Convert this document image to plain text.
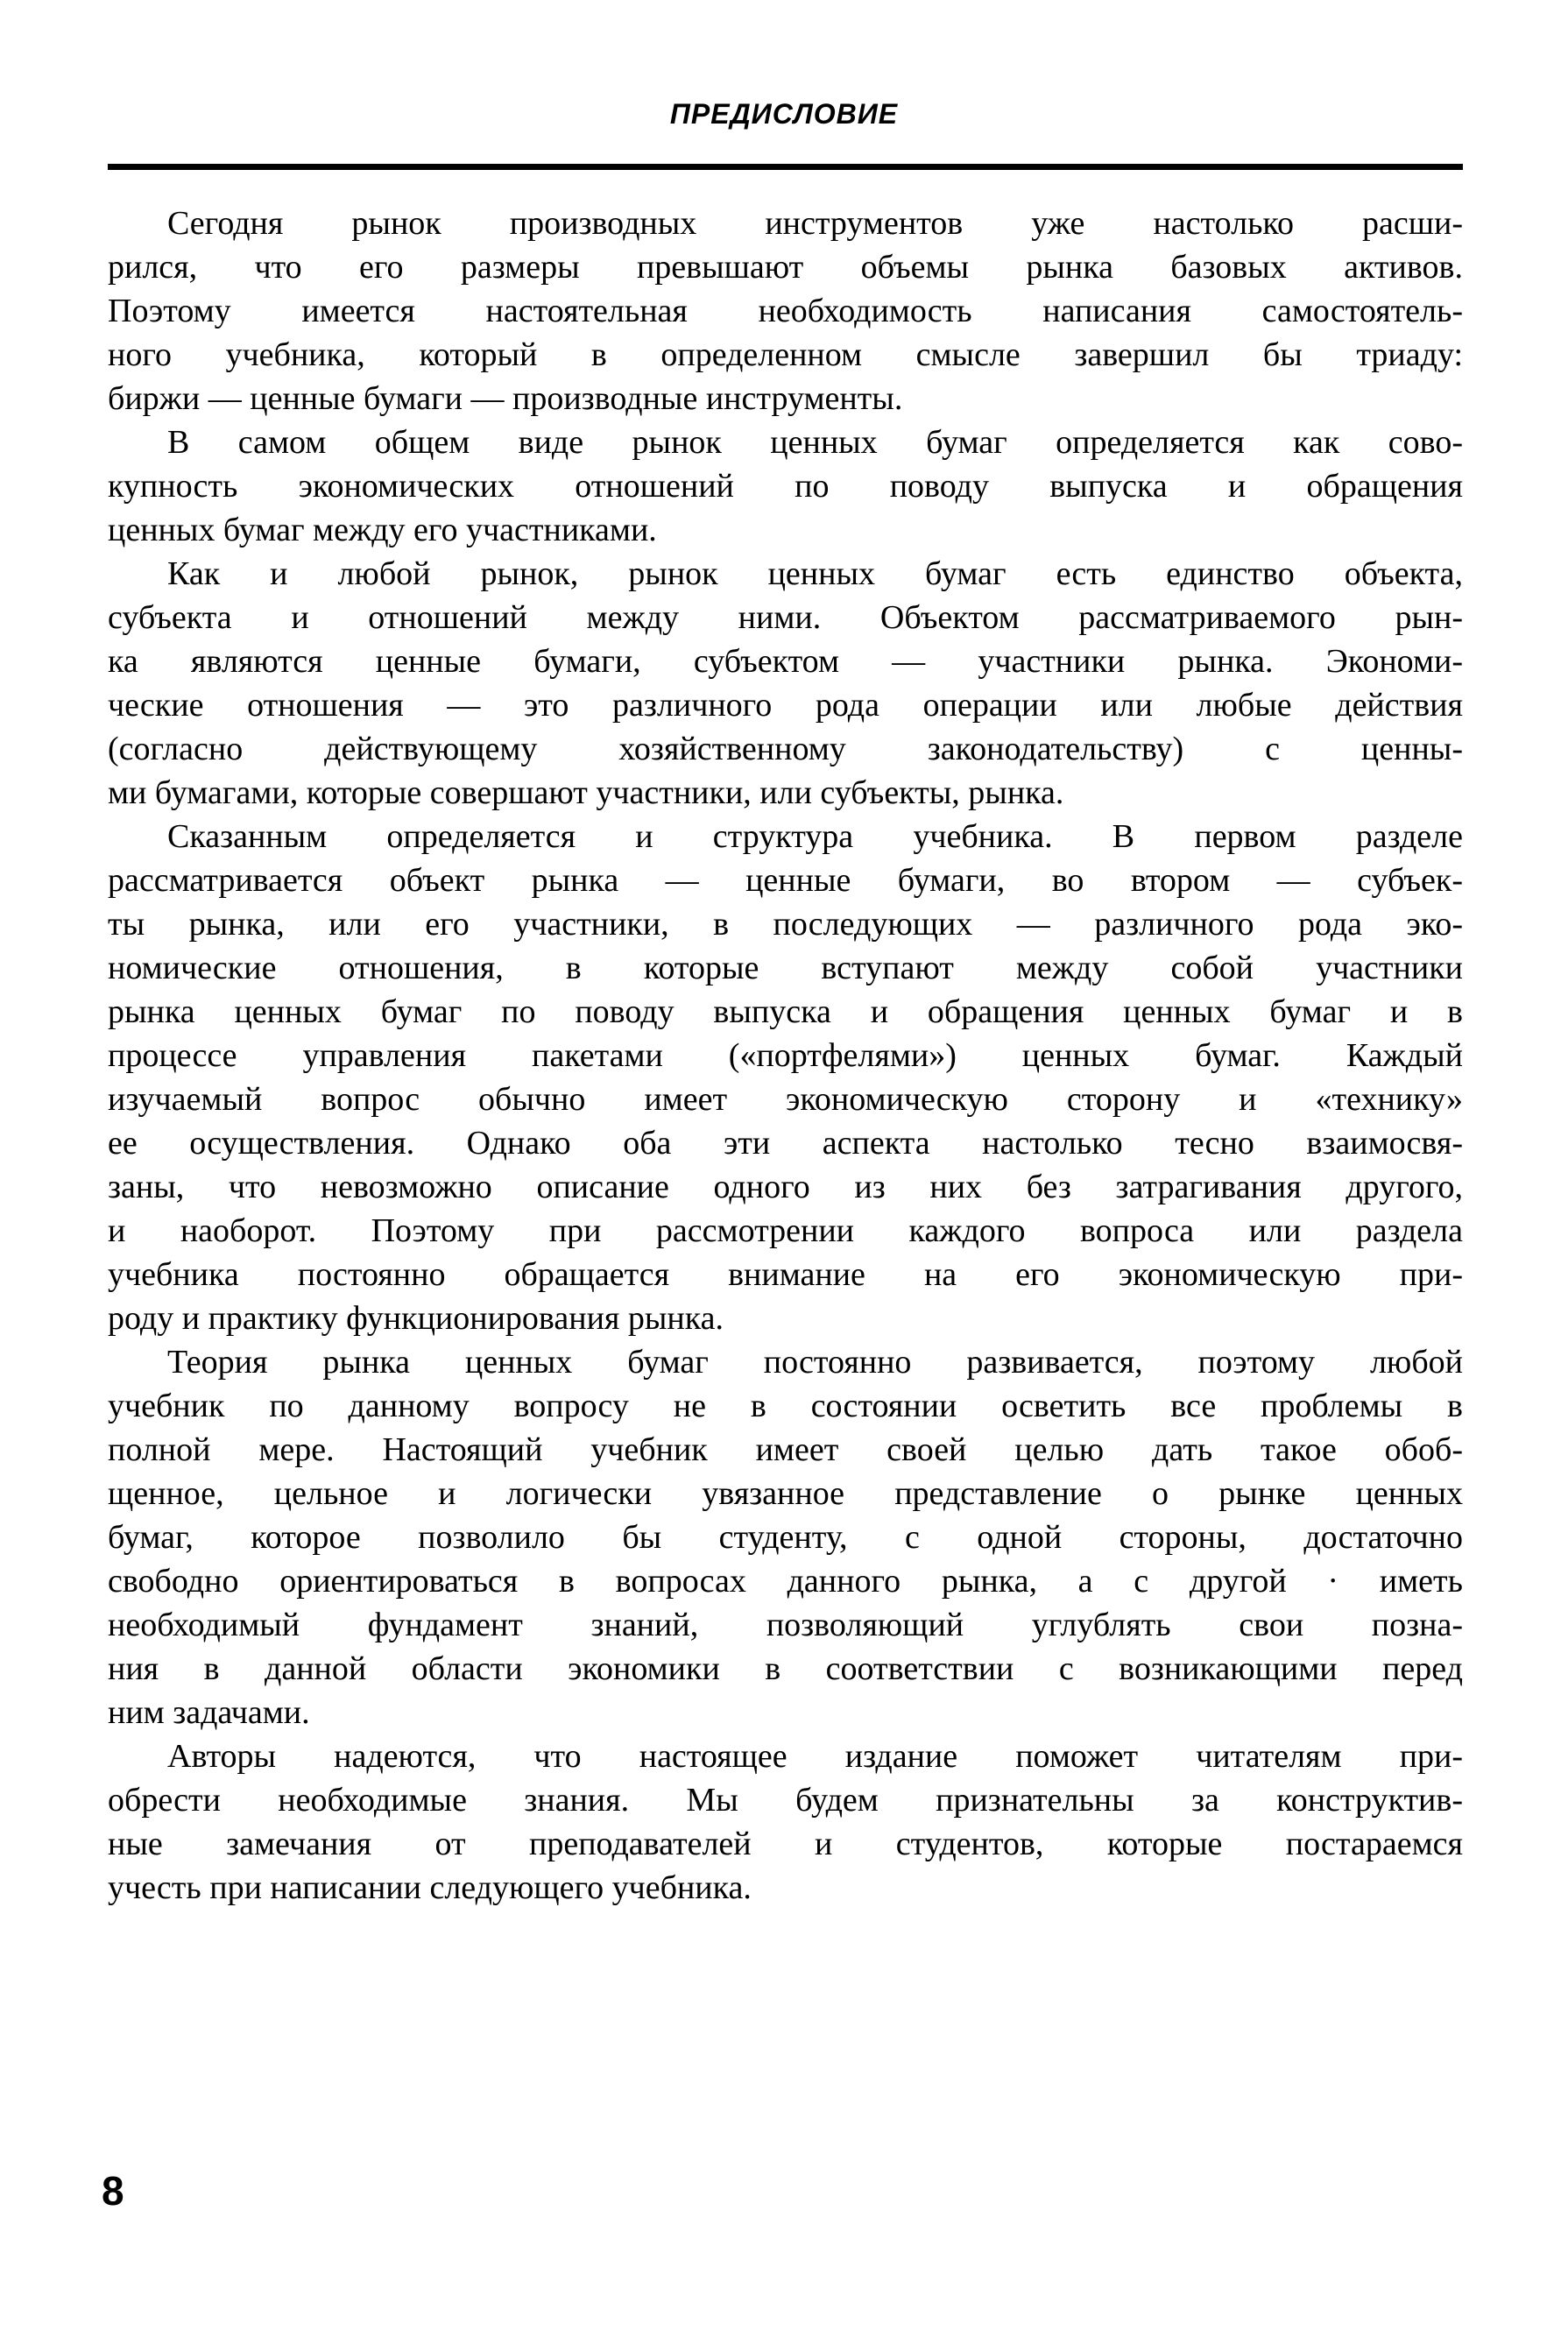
ПРЕДИСЛОВИЕ
Сегодня рынок производных инструментов уже настолько расши-
рился, что его размеры превышают объемы рынка базовых активов.
Поэтому имеется настоятельная необходимость написания самостоятель-
ного учебника, который в определенном смысле завершил бы триаду:
биржи — ценные бумаги — производные инструменты.
В самом общем виде рынок ценных бумаг определяется как сово-
купность экономических отношений по поводу выпуска и обращения
ценных бумаг между его участниками.
Как и любой рынок, рынок ценных бумаг есть единство объекта,
субъекта и отношений между ними. Объектом рассматриваемого рын-
ка являются ценные бумаги, субъектом — участники рынка. Экономи-
ческие отношения — это различного рода операции или любые действия
(согласно действующему хозяйственному законодательству) с ценны-
ми бумагами, которые совершают участники, или субъекты, рынка.
Сказанным определяется и структура учебника. В первом разделе
рассматривается объект рынка — ценные бумаги, во втором — субъек-
ты рынка, или его участники, в последующих — различного рода эко-
номические отношения, в которые вступают между собой участники
рынка ценных бумаг по поводу выпуска и обращения ценных бумаг и в
процессе управления пакетами («портфелями») ценных бумаг. Каждый
изучаемый вопрос обычно имеет экономическую сторону и «технику»
ее осуществления. Однако оба эти аспекта настолько тесно взаимосвя-
заны, что невозможно описание одного из них без затрагивания другого,
и наоборот. Поэтому при рассмотрении каждого вопроса или раздела
учебника постоянно обращается внимание на его экономическую при-
роду и практику функционирования рынка.
Теория рынка ценных бумаг постоянно развивается, поэтому любой
учебник по данному вопросу не в состоянии осветить все проблемы в
полной мере. Настоящий учебник имеет своей целью дать такое обоб-
щенное, цельное и логически увязанное представление о рынке ценных
бумаг, которое позволило бы студенту, с одной стороны, достаточно
свободно ориентироваться в вопросах данного рынка, а с другой · иметь
необходимый фундамент знаний, позволяющий углублять свои позна-
ния в данной области экономики в соответствии с возникающими перед
ним задачами.
Авторы надеются, что настоящее издание поможет читателям при-
обрести необходимые знания. Мы будем признательны за конструктив-
ные замечания от преподавателей и студентов, которые постараемся
учесть при написании следующего учебника.
8
